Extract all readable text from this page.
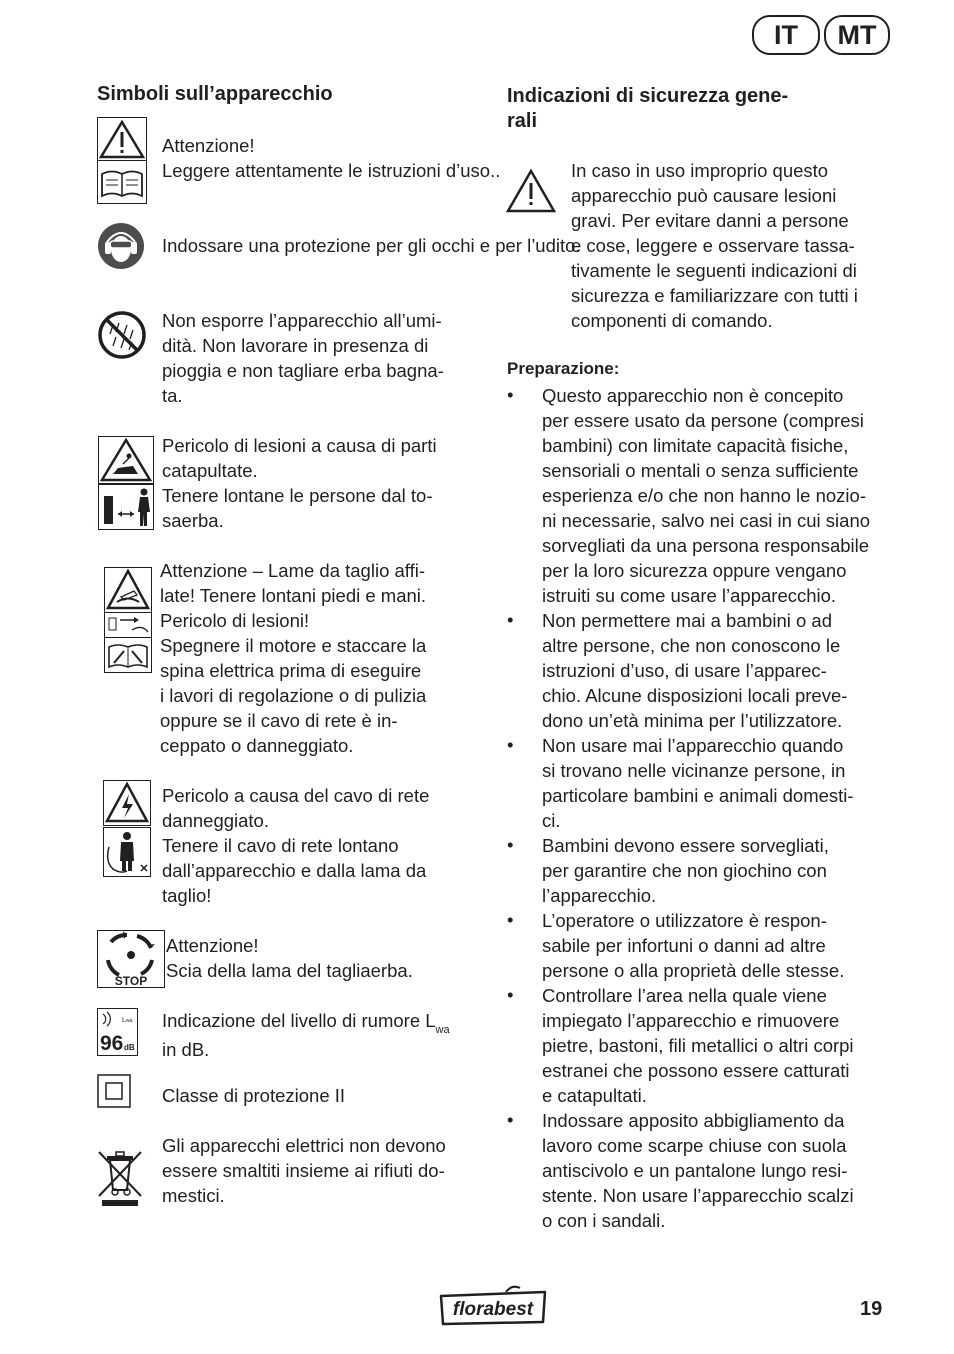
IT	MT
Simboli sull’apparecchio
Attenzione!
Leggere attentamente le istruzioni d’uso..
Indossare una protezione per gli occhi e per l’udito.
Non esporre l’apparecchio all’umi-
dità. Non lavorare in presenza di
pioggia e non tagliare erba bagna-
ta.
Pericolo di lesioni a causa di parti
catapultate.
Tenere lontane le persone dal to-
saerba.
Attenzione – Lame da taglio affi-
late! Tenere lontani piedi e mani.
Pericolo di lesioni!
Spegnere il motore e staccare la
spina elettrica prima di eseguire
i lavori di regolazione o di pulizia
oppure se il cavo di rete è in-
ceppato o danneggiato.
Pericolo a causa del cavo di rete
danneggiato.
Tenere il cavo di rete lontano
dall’apparecchio e dalla lama da
taglio!
STOP
Attenzione!
Scia della lama del tagliaerba.
Lwa
96 dB
Indicazione del livello di rumore $L_{wa}$
in dB.
Classe di protezione II
Gli apparecchi elettrici non devono
essere smaltiti insieme ai rifiuti do-
mestici.
Indicazioni di sicurezza gene-
rali
In caso in uso improprio questo
apparecchio può causare lesioni
gravi. Per evitare danni a persone
e cose, leggere e osservare tassa-
tivamente le seguenti indicazioni di
sicurezza e familiarizzare con tutti i
componenti di comando.
Preparazione:
• Questo apparecchio non è concepito
per essere usato da persone (compresi
bambini) con limitate capacità fisiche,
sensoriali o mentali o senza sufficiente
esperienza e/o che non hanno le nozio-
ni necessarie, salvo nei casi in cui siano
sorvegliati da una persona responsabile
per la loro sicurezza oppure vengano
istruiti su come usare l’apparecchio.
• Non permettere mai a bambini o ad
altre persone, che non conoscono le
istruzioni d’uso, di usare l’apparec-
chio. Alcune disposizioni locali preve-
dono un’età minima per l’utilizzatore.
• Non usare mai l’apparecchio quando
si trovano nelle vicinanze persone, in
particolare bambini e animali domesti-
ci.
• Bambini devono essere sorvegliati,
per garantire che non giochino con
l’apparecchio.
• L’operatore o utilizzatore è respon-
sabile per infortuni o danni ad altre
persone o alla proprietà delle stesse.
• Controllare l’area nella quale viene
impiegato l’apparecchio e rimuovere
pietre, bastoni, fili metallici o altri corpi
estranei che possono essere catturati
e catapultati.
• Indossare apposito abbigliamento da
lavoro come scarpe chiuse con suola
antiscivolo e un pantalone lungo resi-
stente. Non usare l’apparecchio scalzi
o con i sandali.
florabest	19
